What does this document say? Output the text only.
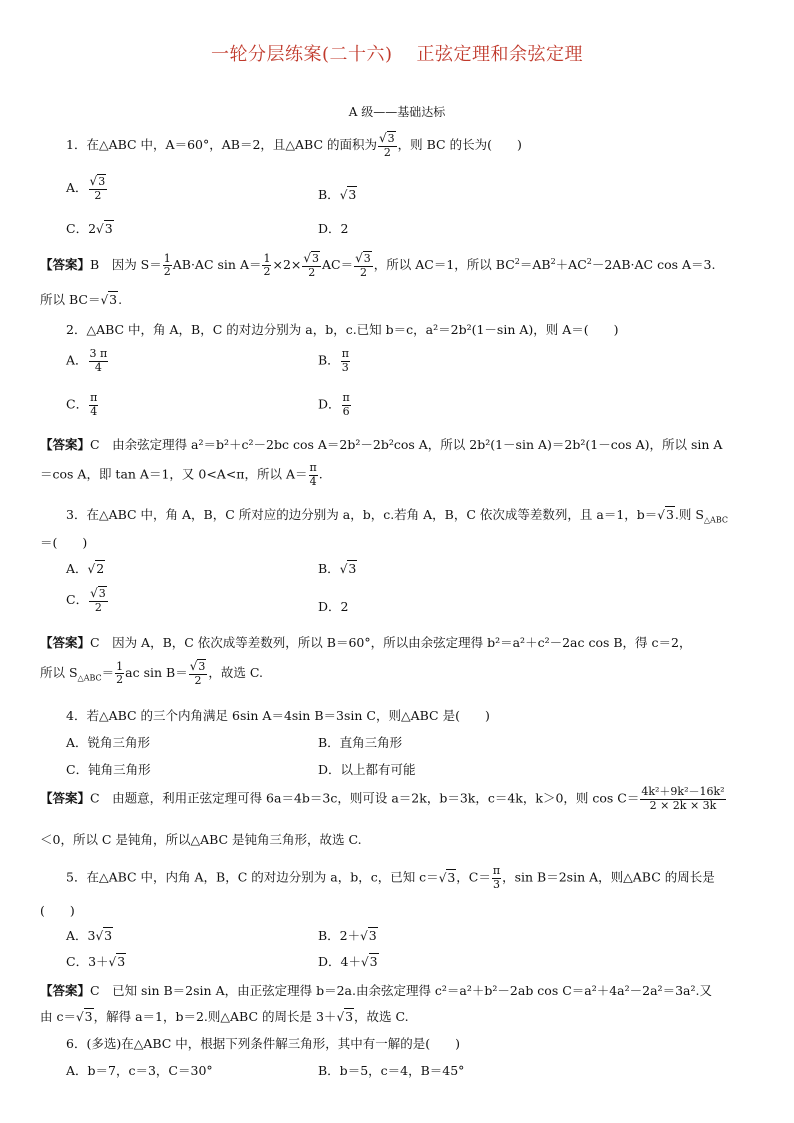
一轮分层练案(二十六) 正弦定理和余弦定理
A 级——基础达标
1．在△ABC 中，A＝60°，AB＝2，且△ABC 的面积为 $\frac{√3}{2}$ ，则 BC 的长为(　　)
A． $\frac{√3}{2}$	B．√3
C．2√3	D．2
【答案】B　因为 $S= \frac{1}{2} AB\cdot AC$ $\sin A= \frac{1}{2} \times 2\times \frac{√3}{2} AC= \frac{√3}{2}$ ，所以 AC＝1，所以 $BC^2=AB^2+AC^2-2AB\cdot AC$ cos A＝3.
所以 BC＝√3.
2．△ABC 中，角 A，B，C 的对边分别为 a，b，c.已知 b＝c，a²＝2b²(1－sin A)，则 A＝(　　)
A． $\frac{3 \pi}{4}$	B． $\frac{\pi}{3}$
C． $\frac{\pi}{4}$	D． $\frac{\pi}{6}$
【答案】C　由余弦定理得 a²＝b²＋c²－2bc cos A＝2b²－2b²cos A，所以 2b²(1－sin A)＝2b²(1－cos A)，所以 sin A
＝cos A，即 tan A＝1，又 0<A<π，所以 $A= \frac{\pi}{4}$ .
3．在△ABC 中，角 A，B，C 所对应的边分别为 a，b，c.若角 A，B，C 依次成等差数列，且 a＝1，b＝√3.则 $S_{\triangle ABC}$
＝(　　)
A．√2	B．√3
C． $\frac{√3}{2}$	D．2
【答案】C　因为 A，B，C 依次成等差数列，所以 B＝60°，所以由余弦定理得 b²＝a²＋c²－2ac cos B，得 c＝2，
所以 $S_{\triangle ABC}= \frac{1}{2}$ ac $\sin B= \frac{√3}{2}$ ，故选 C.
4．若△ABC 的三个内角满足 6sin A＝4sin B＝3sin C，则△ABC 是(　　)
A．锐角三角形	B．直角三角形
C．钝角三角形	D．以上都有可能
【答案】C　由题意，利用正弦定理可得 6a＝4b＝3c，则可设 a＝2k，b＝3k，c＝4k，k＞0，则 $\cos C= \frac{\text{4k²＋9k²－16k²}}{2 \times 2k \times 3k}$
＜0，所以 C 是钝角，所以△ABC 是钝角三角形，故选 C.
5．在△ABC 中，内角 A，B，C 的对边分别为 a，b，c，已知 c＝√3，$C= \frac{\pi}{3}$ ，sin B＝2sin A，则△ABC 的周长是
(　　)
A．3√3	B．2＋√3
C．3＋√3	D．4＋√3
【答案】C　已知 sin B＝2sin A，由正弦定理得 b＝2a.由余弦定理得 c²＝a²＋b²－2ab cos C＝a²＋4a²－2a²＝3a².又
由 c＝√3，解得 a＝1，b＝2.则△ABC 的周长是 3＋√3，故选 C.
6．(多选)在△ABC 中，根据下列条件解三角形，其中有一解的是(　　)
A．b＝7，c＝3，C＝30°	B．b＝5，c＝4，B＝45°
